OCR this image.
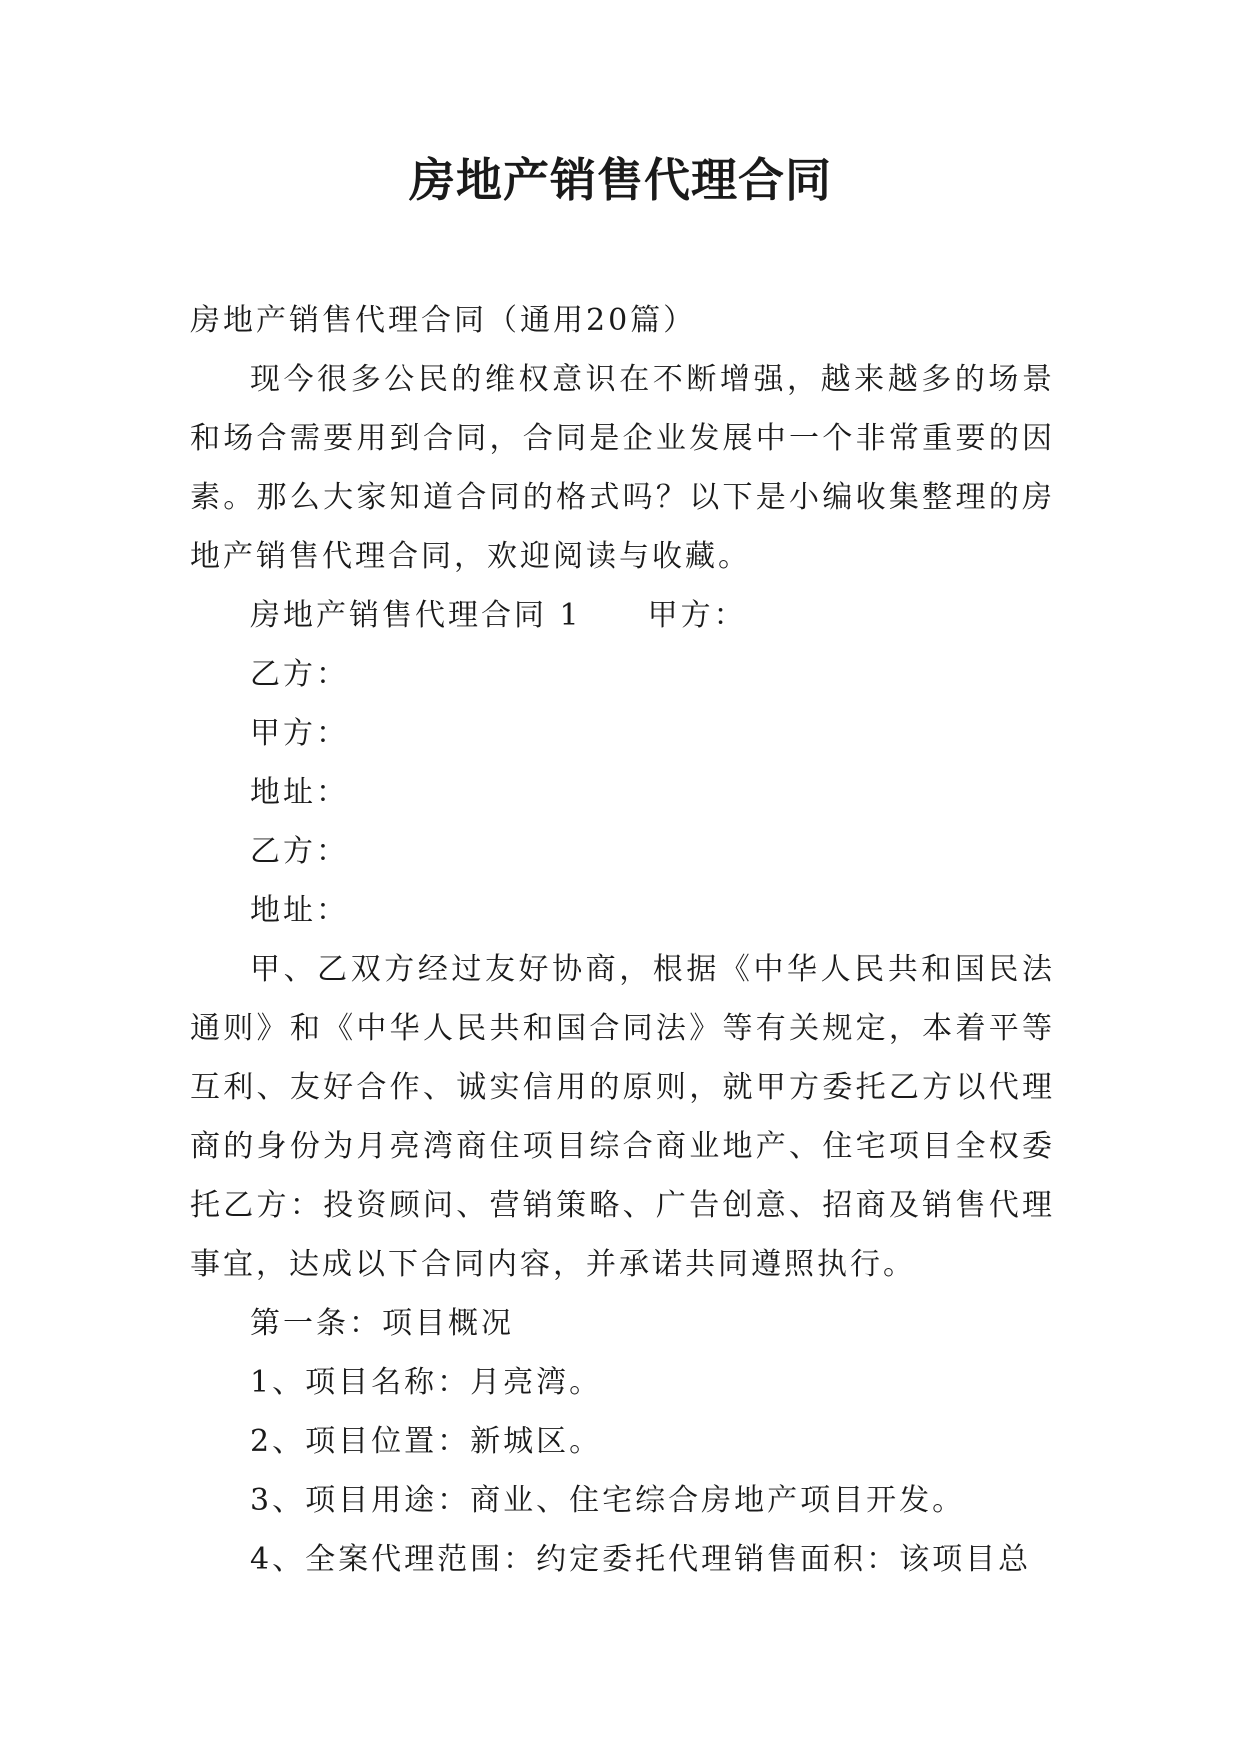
房地产销售代理合同

房地产销售代理合同（通用20篇）

现今很多公民的维权意识在不断增强，越来越多的场景和场合需要用到合同，合同是企业发展中一个非常重要的因素。那么大家知道合同的格式吗？以下是小编收集整理的房地产销售代理合同，欢迎阅读与收藏。

房地产销售代理合同 1 甲方：

乙方：

甲方：

地址：

乙方：

地址：

甲、乙双方经过友好协商，根据《中华人民共和国民法通则》和《中华人民共和国合同法》等有关规定，本着平等互利、友好合作、诚实信用的原则，就甲方委托乙方以代理商的身份为月亮湾商住项目综合商业地产、住宅项目全权委托乙方：投资顾问、营销策略、广告创意、招商及销售代理事宜，达成以下合同内容，并承诺共同遵照执行。

第一条：项目概况

1、项目名称：月亮湾。

2、项目位置：新城区。

3、项目用途：商业、住宅综合房地产项目开发。

4、全案代理范围：约定委托代理销售面积：该项目总
